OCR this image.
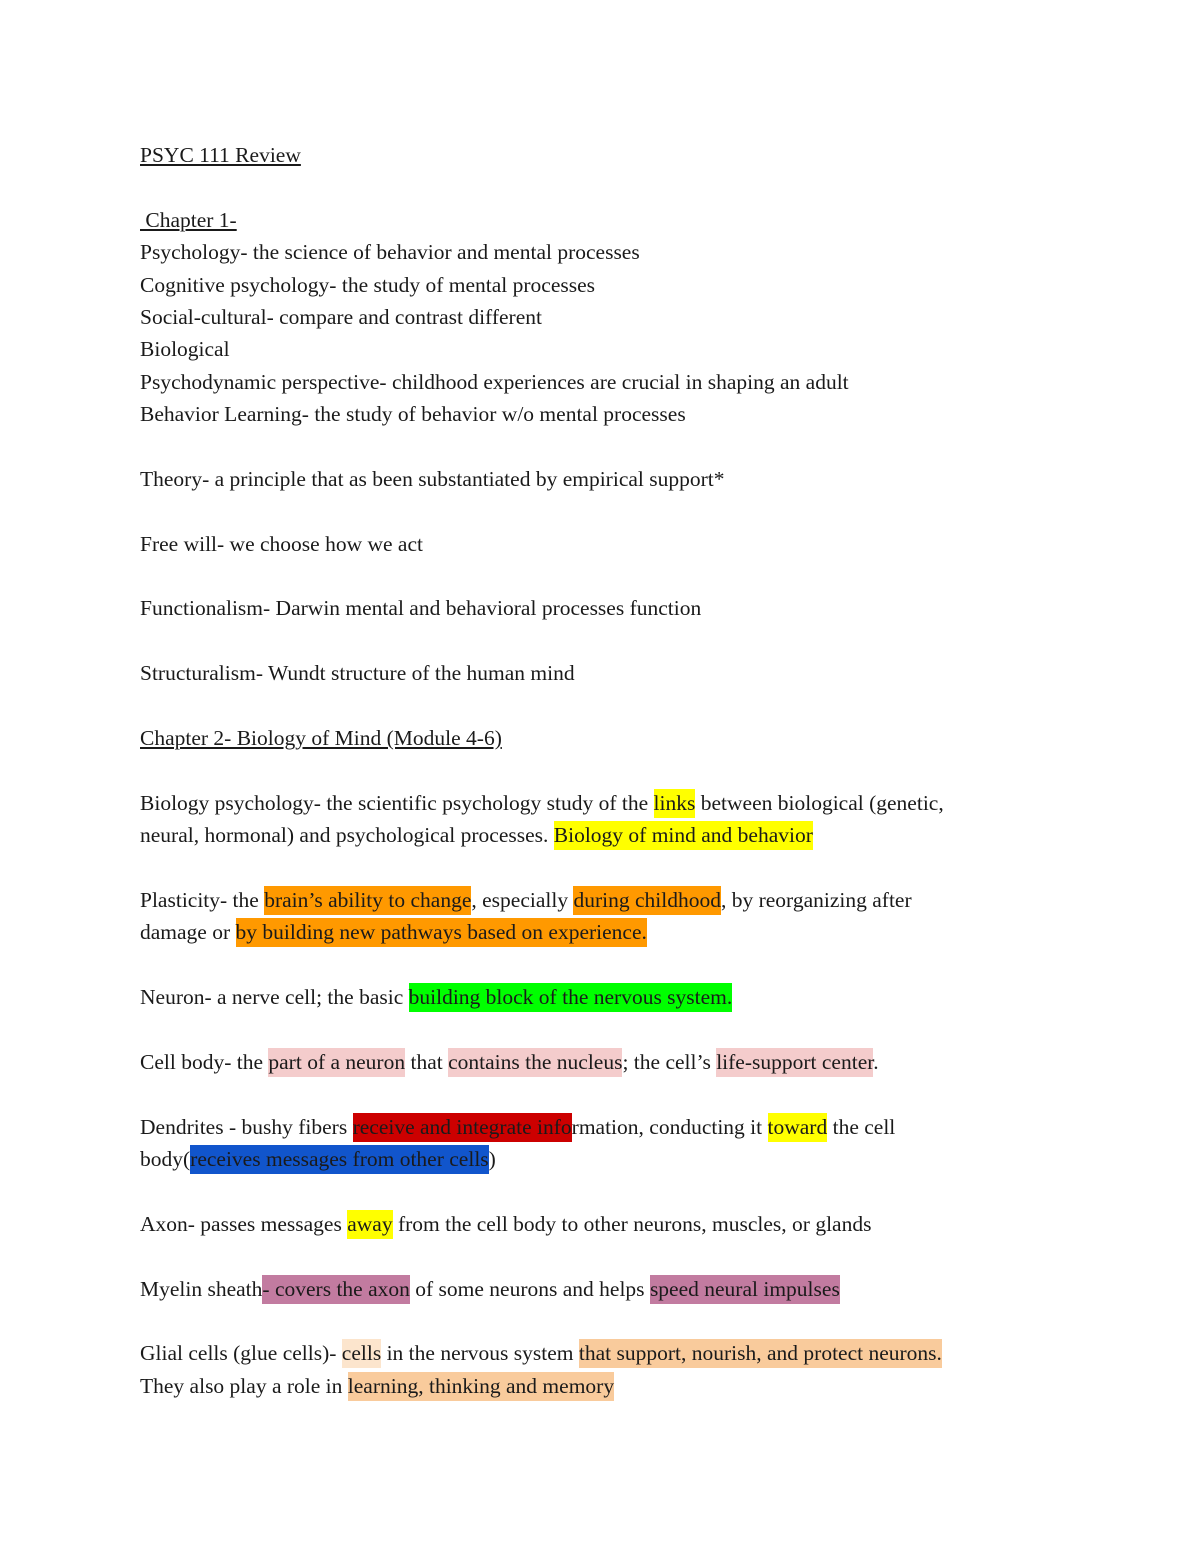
PSYC 111 Review
Chapter 1-
Psychology- the science of behavior and mental processes
Cognitive psychology- the study of mental processes
Social-cultural- compare and contrast different
Biological
Psychodynamic perspective- childhood experiences are crucial in shaping an adult
Behavior Learning- the study of behavior w/o mental processes
Theory- a principle that as been substantiated by empirical support*
Free will- we choose how we act
Functionalism- Darwin mental and behavioral processes function
Structuralism- Wundt structure of the human mind
Chapter 2- Biology of Mind (Module 4-6)
Biology psychology- the scientific psychology study of the links between biological (genetic,
neural, hormonal) and psychological processes. Biology of mind and behavior
Plasticity- the brain’s ability to change, especially during childhood, by reorganizing after
damage or by building new pathways based on experience.
Neuron- a nerve cell; the basic building block of the nervous system.
Cell body- the part of a neuron that contains the nucleus; the cell’s life-support center.
Dendrites - bushy fibers receive and integrate information, conducting it toward the cell
body(receives messages from other cells)
Axon- passes messages away from the cell body to other neurons, muscles, or glands
Myelin sheath- covers the axon of some neurons and helps speed neural impulses
Glial cells (glue cells)- cells in the nervous system that support, nourish, and protect neurons.
They also play a role in learning, thinking and memory
